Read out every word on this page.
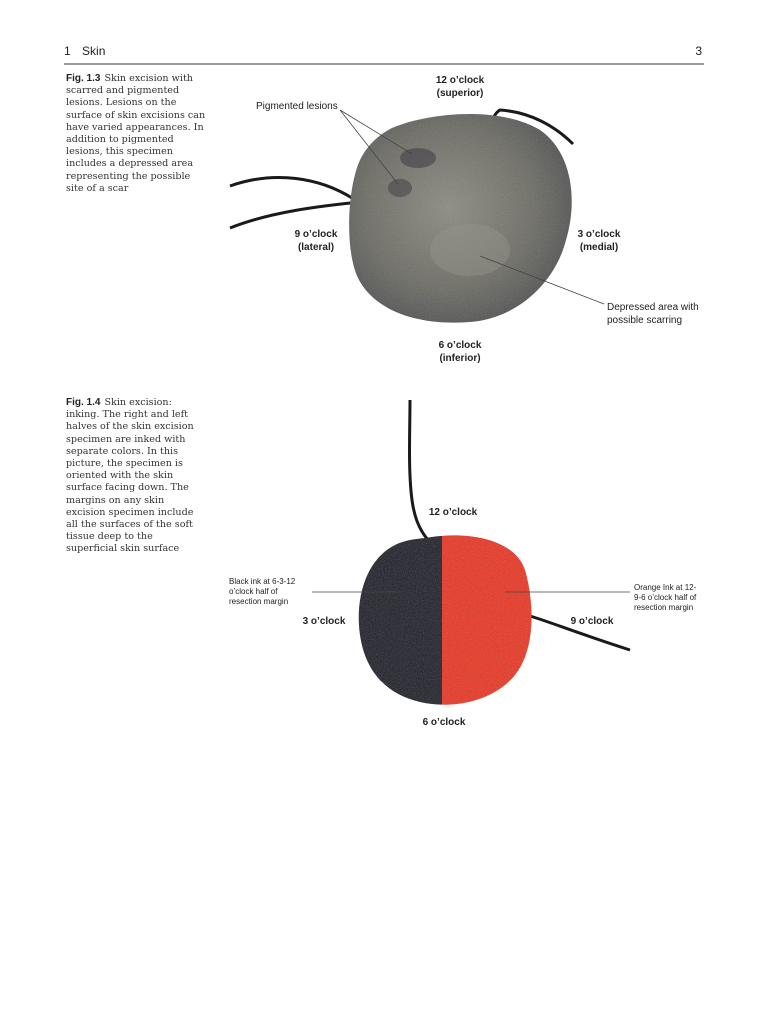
1 Skin	3
Fig. 1.3 Skin excision with scarred and pigmented lesions. Lesions on the surface of skin excisions can have varied appearances. In addition to pigmented lesions, this specimen includes a depressed area representing the possible site of a scar
12 o’clock
(superior)
Pigmented lesions
9 o’clock
(lateral)
3 o’clock
(medial)
Depressed area with
possible scarring
6 o’clock
(inferior)
Fig. 1.4 Skin excision: inking. The right and left halves of the skin excision specimen are inked with separate colors. In this picture, the specimen is oriented with the skin surface facing down. The margins on any skin excision specimen include all the surfaces of the soft tissue deep to the superficial skin surface
12 o’clock
Black ink at 6-3-12
o’clock half of
resection margin
Orange Ink at 12-
9-6 o’clock half of
resection margin
3 o’clock	9 o’clock
6 o’clock
